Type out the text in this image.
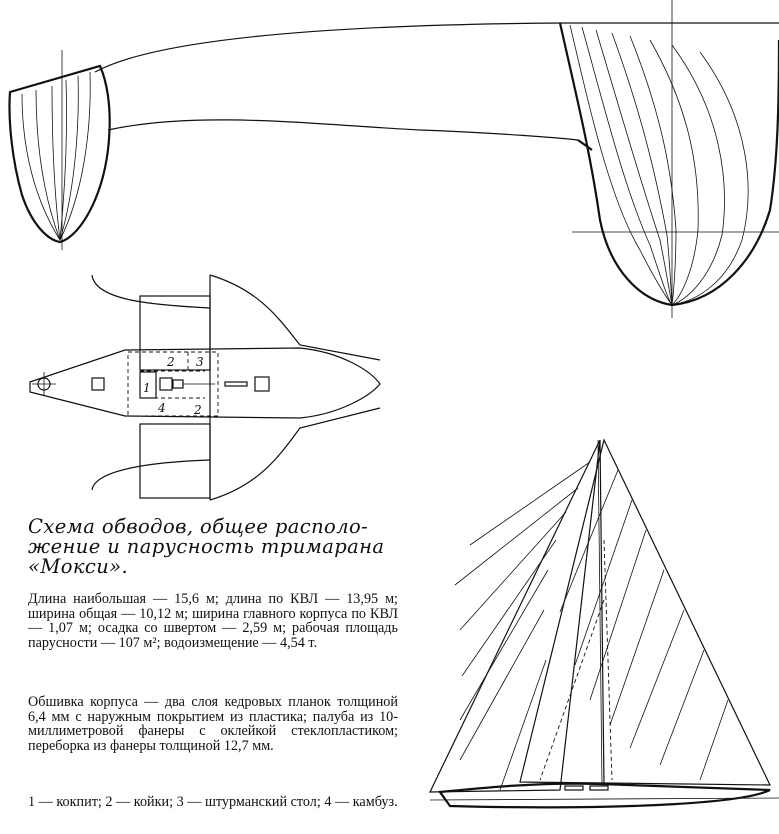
1
2 3
4 2
Схема обводов, общее располо-
жение и парусность тримарана
«Мокси».
Длина наибольшая — 15,6 м; длина по КВЛ — 13,95 м; ширина общая — 10,12 м; ширина главного корпуса по КВЛ — 1,07 м; осадка со швертом — 2,59 м; рабочая площадь парусности — 107 м²; водоизмещение — 4,54 т.
Обшивка корпуса — два слоя кедровых планок толщиной 6,4 мм с наружным покрытием из пластика; палуба из 10-миллиметровой фанеры с оклейкой стеклопластиком; переборка из фанеры толщиной 12,7 мм.
1 — кокпит; 2 — койки; 3 — штурманский стол; 4 — камбуз.
